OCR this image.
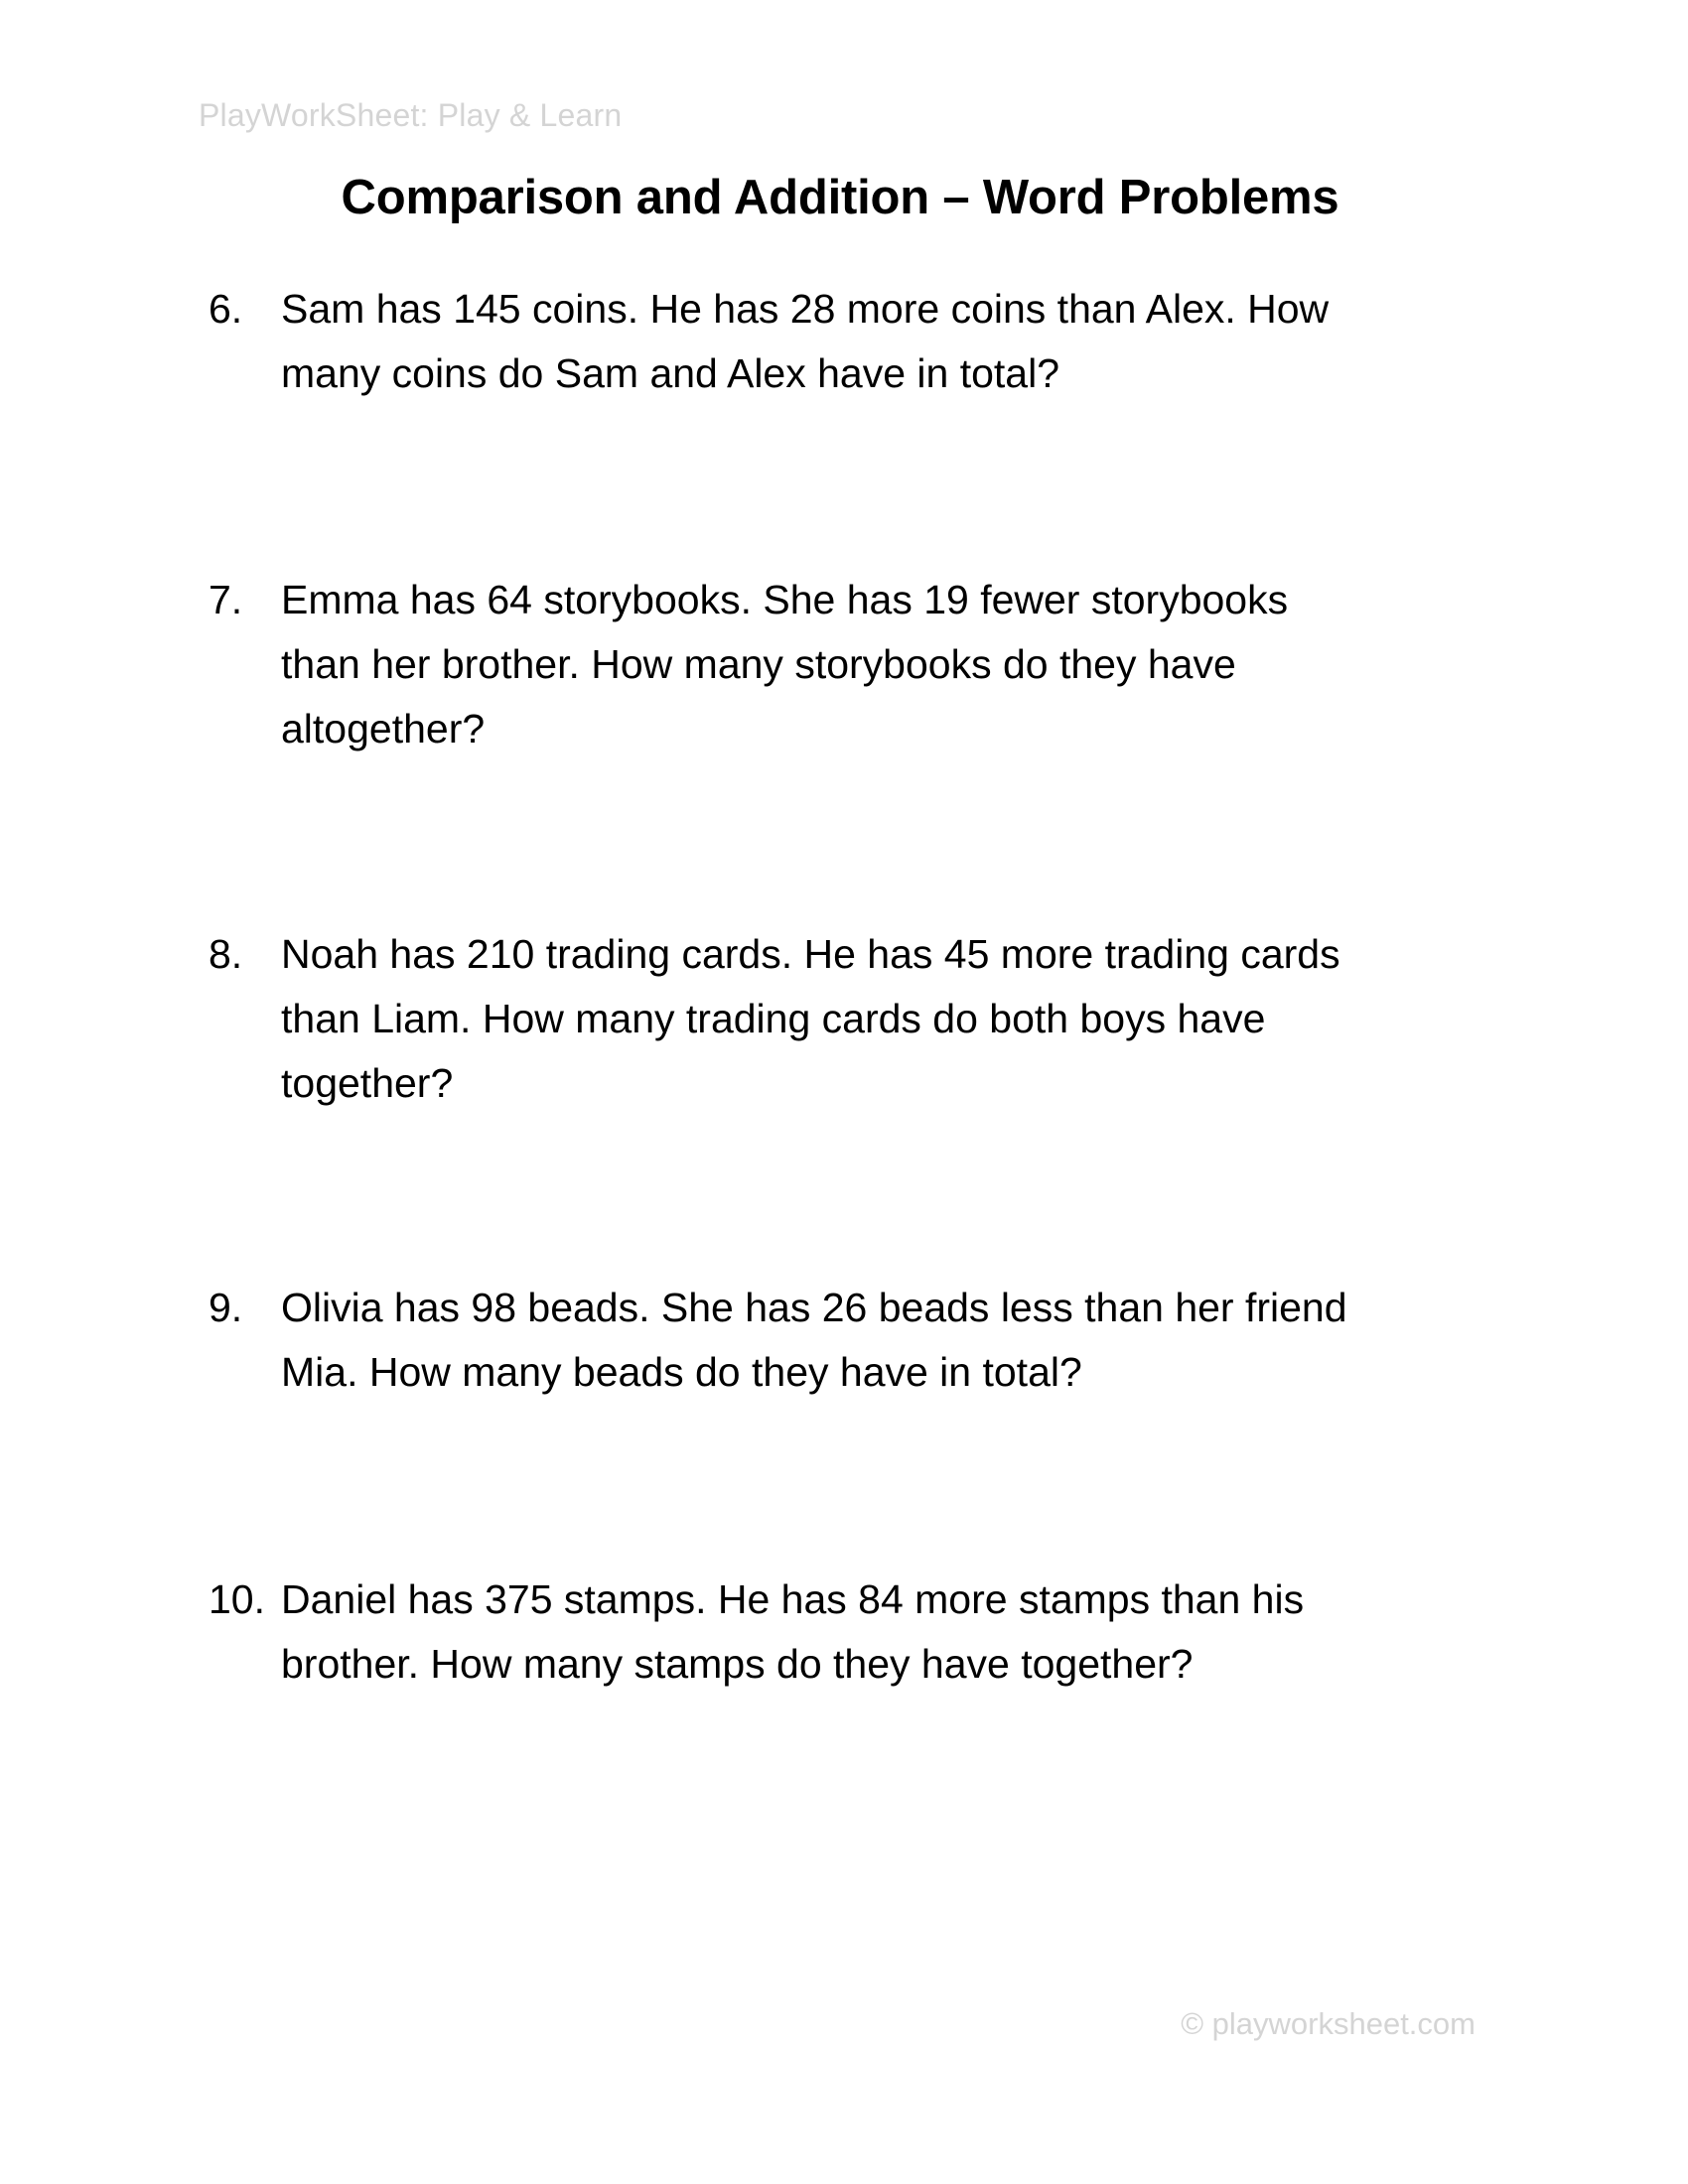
PlayWorkSheet: Play & Learn
Comparison and Addition – Word Problems
6. Sam has 145 coins. He has 28 more coins than Alex. How
many coins do Sam and Alex have in total?
7. Emma has 64 storybooks. She has 19 fewer storybooks
than her brother. How many storybooks do they have
altogether?
8. Noah has 210 trading cards. He has 45 more trading cards
than Liam. How many trading cards do both boys have
together?
9. Olivia has 98 beads. She has 26 beads less than her friend
Mia. How many beads do they have in total?
10. Daniel has 375 stamps. He has 84 more stamps than his
brother. How many stamps do they have together?
© playworksheet.com
